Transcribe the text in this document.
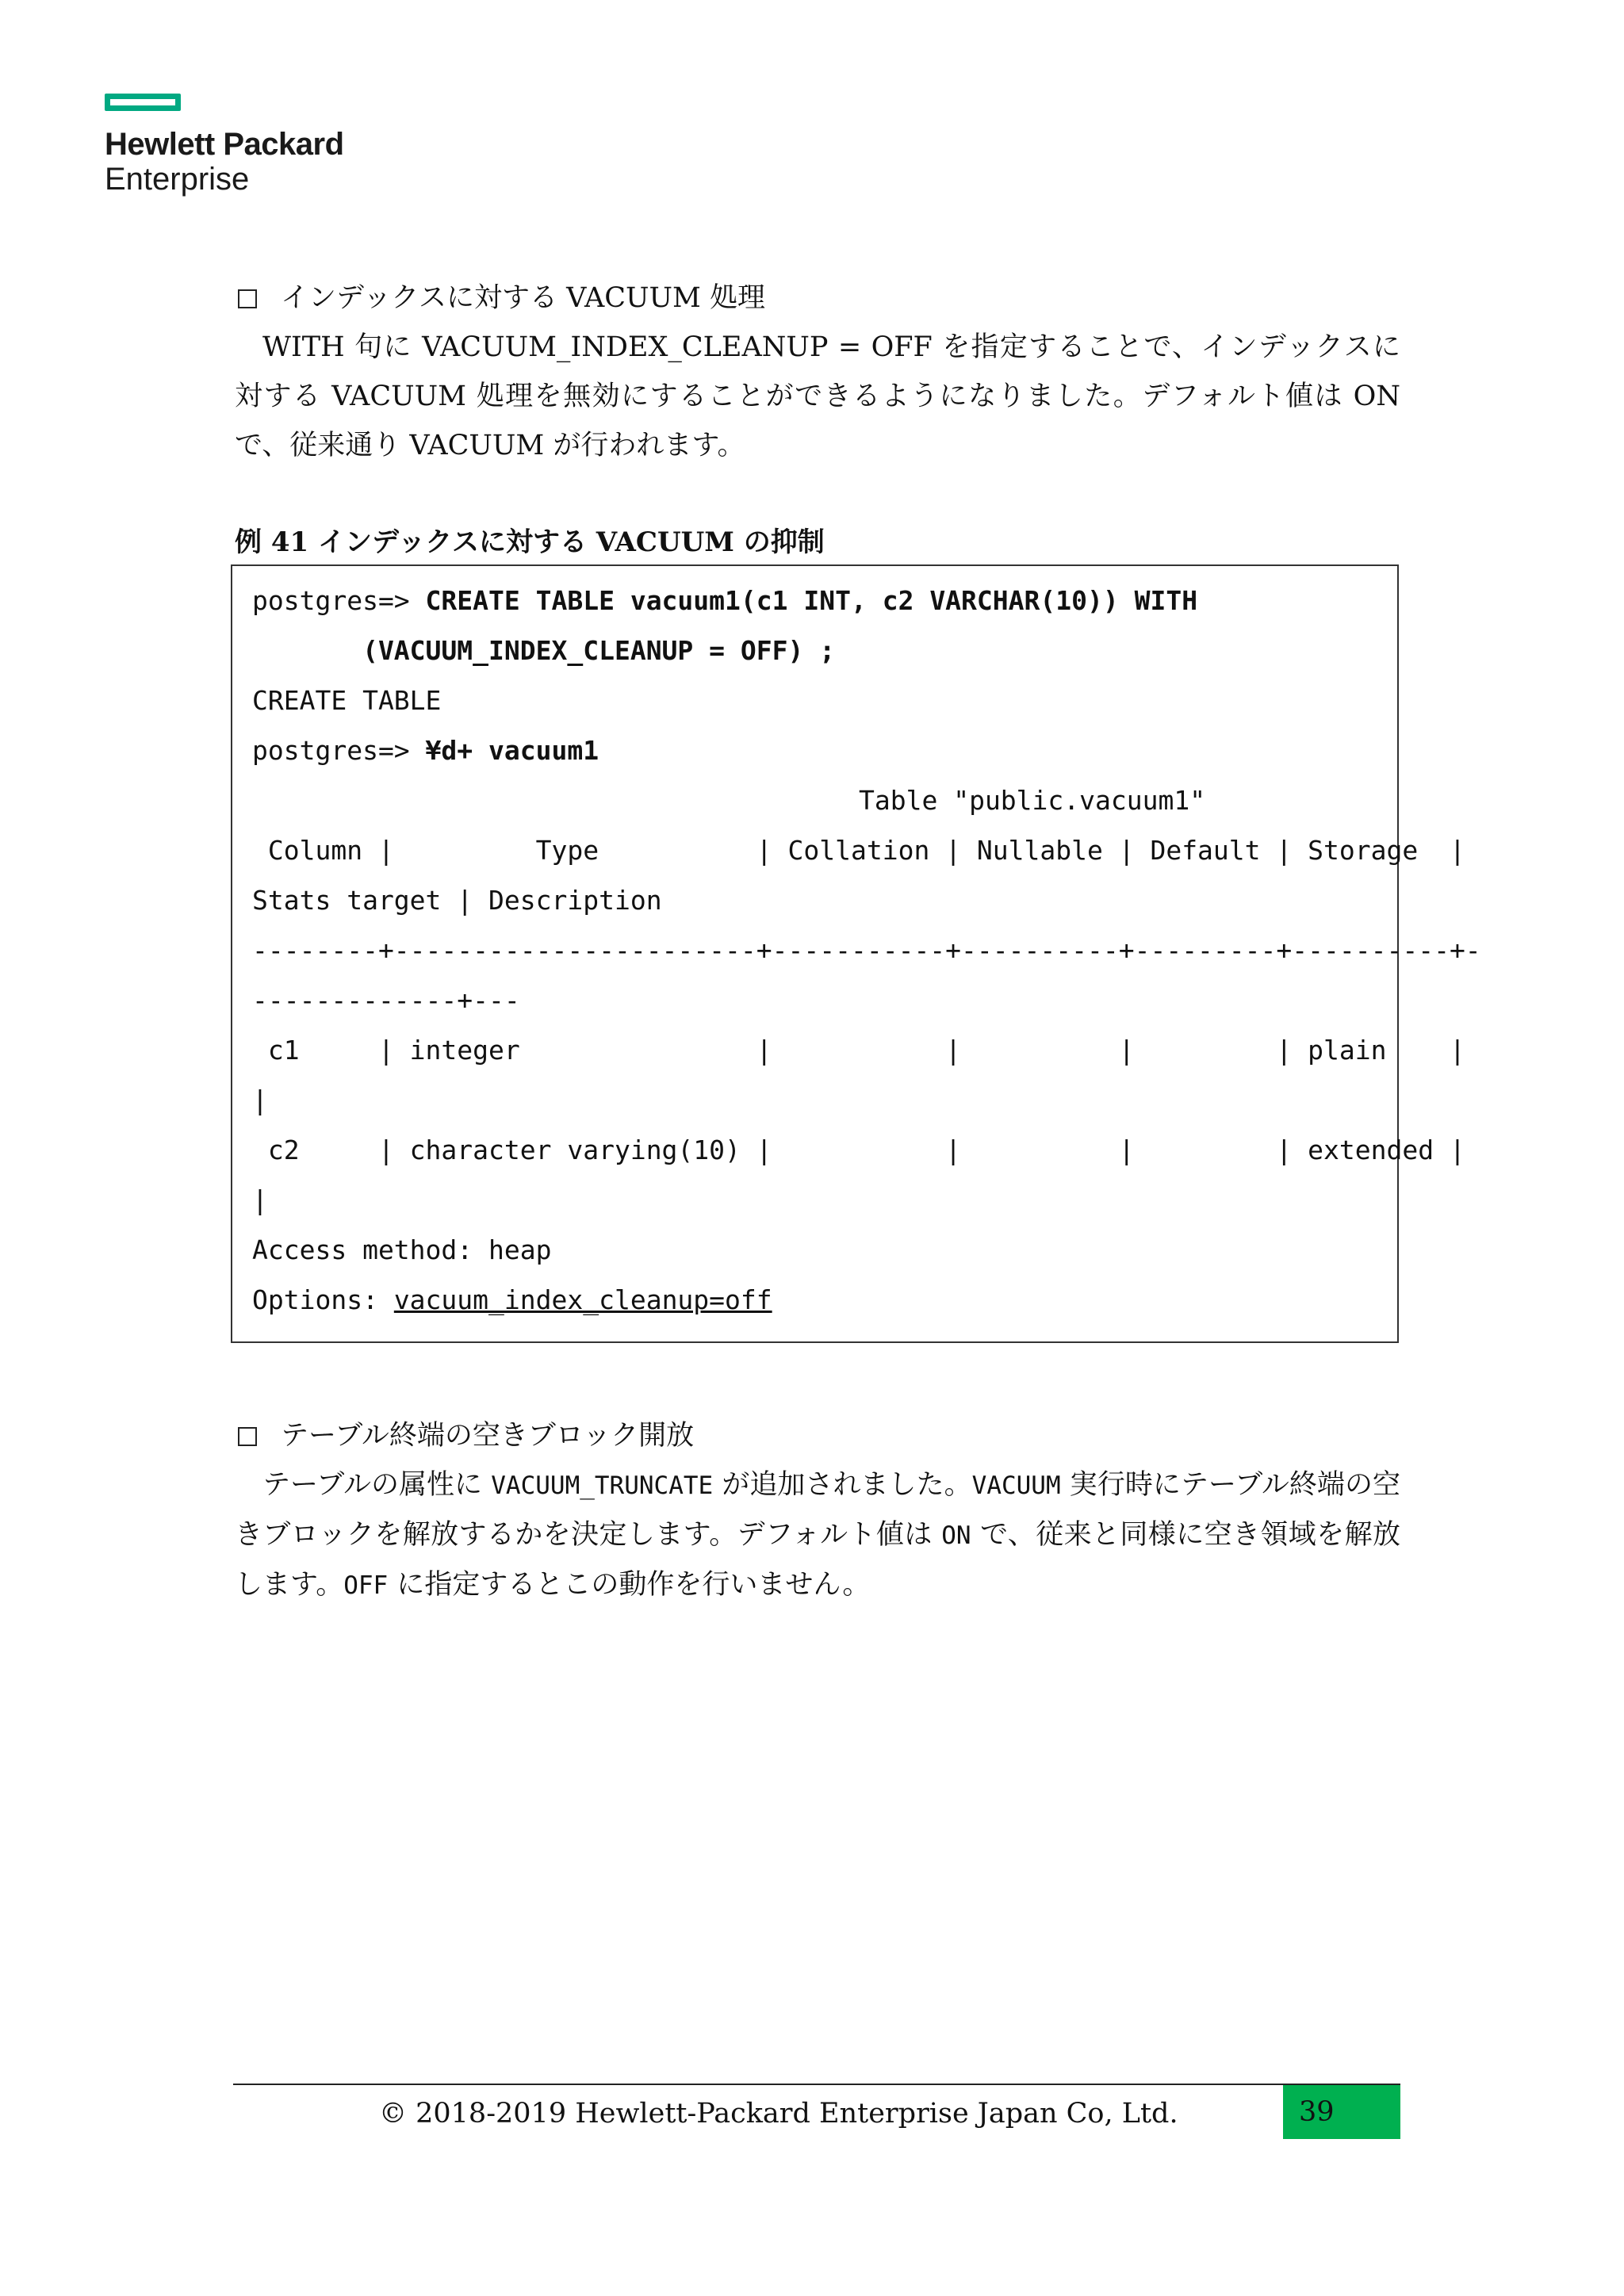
Hewlett Packard
Enterprise
インデックスに対する VACUUM 処理
WITH 句に VACUUM_INDEX_CLEANUP = OFF を指定することで、インデックスに対する VACUUM 処理を無効にすることができるようになりました。デフォルト値は ON で、従来通り VACUUM が行われます。
例 41 インデックスに対する VACUUM の抑制
postgres=> CREATE TABLE vacuum1(c1 INT, c2 VARCHAR(10)) WITH
(VACUUM_INDEX_CLEANUP = OFF) ;
CREATE TABLE
postgres=> ¥d+ vacuum1
Table "public.vacuum1"
Column |         Type          | Collation | Nullable | Default | Storage  |
Stats target | Description
--------+-----------------------+-----------+----------+---------+----------+-
-------------+---
c1     | integer               |           |          |         | plain    |
|
c2     | character varying(10) |           |          |         | extended |
|
Access method: heap
Options: vacuum_index_cleanup=off
テーブル終端の空きブロック開放
テーブルの属性に VACUUM_TRUNCATE が追加されました。VACUUM 実行時にテーブル終端の空きブロックを解放するかを決定します。デフォルト値は ON で、従来と同様に空き領域を解放します。OFF に指定するとこの動作を行いません。
© 2018-2019 Hewlett-Packard Enterprise Japan Co, Ltd.	39
